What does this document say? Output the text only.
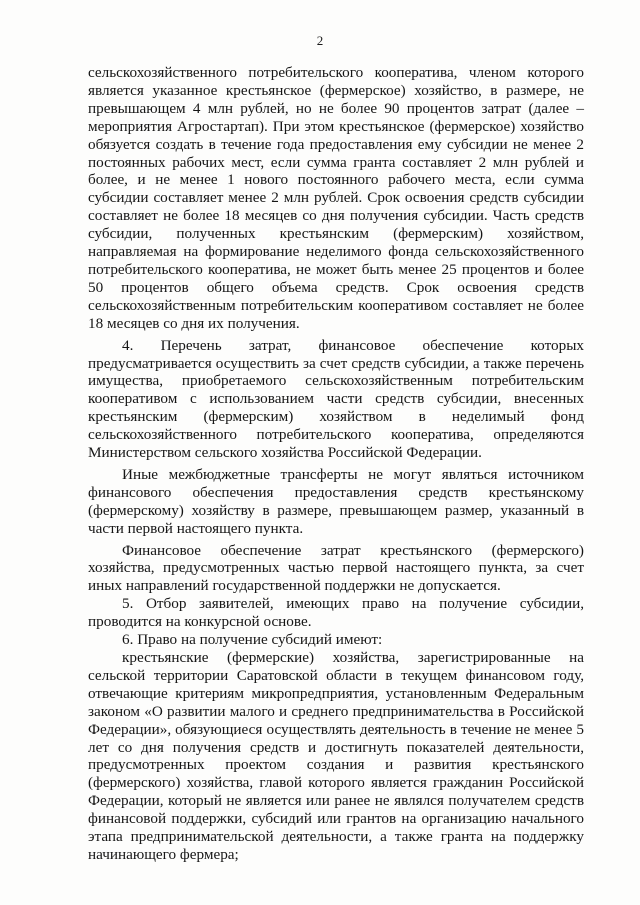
2

сельскохозяйственного потребительского кооператива, членом которого является указанное крестьянское (фермерское) хозяйство, в размере, не превышающем 4 млн рублей, но не более 90 процентов затрат (далее – мероприятия Агростартап). При этом крестьянское (фермерское) хозяйство обязуется создать в течение года предоставления ему субсидии не менее 2 постоянных рабочих мест, если сумма гранта составляет 2 млн рублей и более, и не менее 1 нового постоянного рабочего места, если сумма субсидии составляет менее 2 млн рублей. Срок освоения средств субсидии составляет не более 18 месяцев со дня получения субсидии. Часть средств субсидии, полученных крестьянским (фермерским) хозяйством, направляемая на формирование неделимого фонда сельскохозяйственного потребительского кооператива, не может быть менее 25 процентов и более 50 процентов общего объема средств. Срок освоения средств сельскохозяйственным потребительским кооперативом составляет не более 18 месяцев со дня их получения.

4. Перечень затрат, финансовое обеспечение которых предусматривается осуществить за счет средств субсидии, а также перечень имущества, приобретаемого сельскохозяйственным потребительским кооперативом с использованием части средств субсидии, внесенных крестьянским (фермерским) хозяйством в неделимый фонд сельскохозяйственного потребительского кооператива, определяются Министерством сельского хозяйства Российской Федерации.

Иные межбюджетные трансферты не могут являться источником финансового обеспечения предоставления средств крестьянскому (фермерскому) хозяйству в размере, превышающем размер, указанный в части первой настоящего пункта.

Финансовое обеспечение затрат крестьянского (фермерского) хозяйства, предусмотренных частью первой настоящего пункта, за счет иных направлений государственной поддержки не допускается.

5. Отбор заявителей, имеющих право на получение субсидии, проводится на конкурсной основе.

6. Право на получение субсидий имеют:

крестьянские (фермерские) хозяйства, зарегистрированные на сельской территории Саратовской области в текущем финансовом году, отвечающие критериям микропредприятия, установленным Федеральным законом «О развитии малого и среднего предпринимательства в Российской Федерации», обязующиеся осуществлять деятельность в течение не менее 5 лет со дня получения средств и достигнуть показателей деятельности, предусмотренных проектом создания и развития крестьянского (фермерского) хозяйства, главой которого является гражданин Российской Федерации, который не является или ранее не являлся получателем средств финансовой поддержки, субсидий или грантов на организацию начального этапа предпринимательской деятельности, а также гранта на поддержку начинающего фермера;
